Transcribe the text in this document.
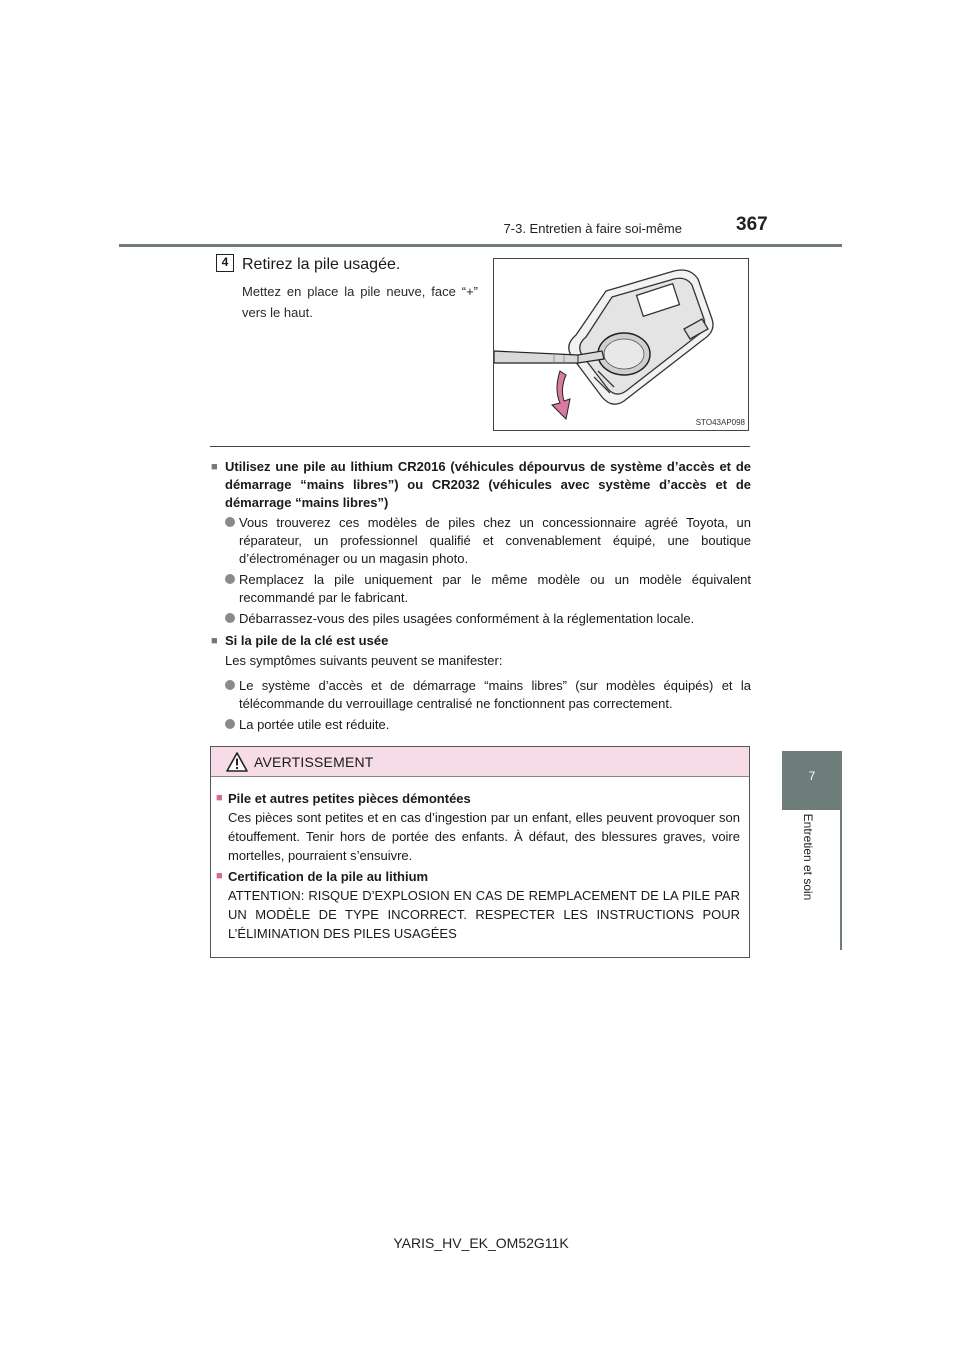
7-3. Entretien à faire soi-même	367
7
Entretien et soin
4 Retirez la pile usagée.
Mettez en place la pile neuve, face “+” vers le haut.
STO43AP098
■ Utilisez une pile au lithium CR2016 (véhicules dépourvus de système d’accès et de démarrage “mains libres”) ou CR2032 (véhicules avec système d’accès et de démarrage “mains libres”)
Vous trouverez ces modèles de piles chez un concessionnaire agréé Toyota, un réparateur, un professionnel qualifié et convenablement équipé, une boutique d’électroménager ou un magasin photo.
Remplacez la pile uniquement par le même modèle ou un modèle équivalent recommandé par le fabricant.
Débarrassez-vous des piles usagées conformément à la réglementation locale.
■ Si la pile de la clé est usée
Les symptômes suivants peuvent se manifester:
Le système d’accès et de démarrage “mains libres” (sur modèles équipés) et la télécommande du verrouillage centralisé ne fonctionnent pas correctement.
La portée utile est réduite.
AVERTISSEMENT
■ Pile et autres petites pièces démontées
Ces pièces sont petites et en cas d’ingestion par un enfant, elles peuvent provoquer son étouffement. Tenir hors de portée des enfants. À défaut, des blessures graves, voire mortelles, pourraient s’ensuivre.
■ Certification de la pile au lithium
ATTENTION: RISQUE D’EXPLOSION EN CAS DE REMPLACEMENT DE LA PILE PAR UN MODÈLE DE TYPE INCORRECT. RESPECTER LES INSTRUCTIONS POUR L’ÉLIMINATION DES PILES USAGÉES
YARIS_HV_EK_OM52G11K
